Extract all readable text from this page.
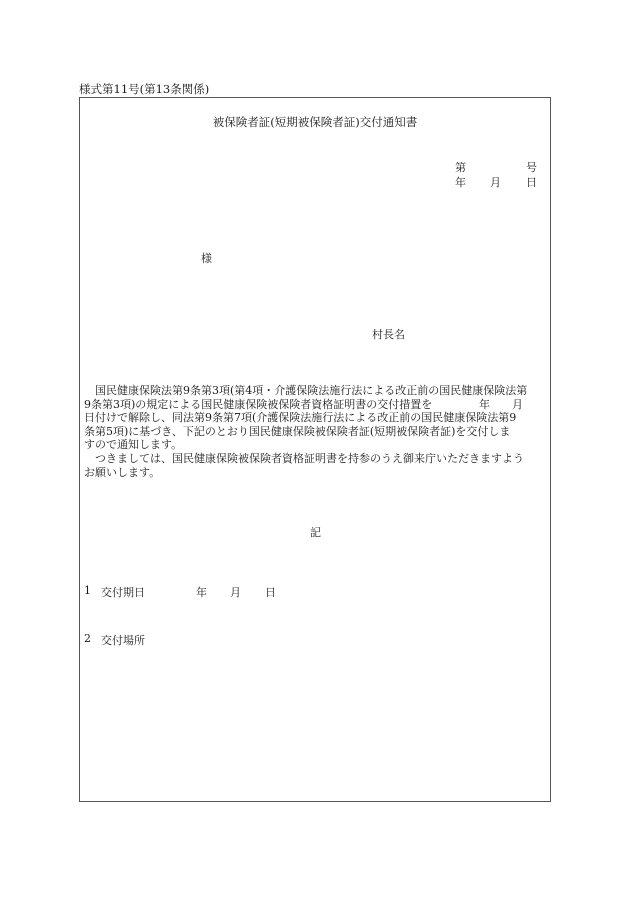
様式第11号(第13条関係)
被保険者証(短期被保険者証)交付通知書
第	号
年 月 日
様
村長名
国民健康保険法第9条第3項(第4項・介護保険法施行法による改正前の国民健康保険法第
9条第3項)の規定による国民健康保険被保険者資格証明書の交付措置を	年 月
日付けで解除し、同法第9条第7項(介護保険法施行法による改正前の国民健康保険法第9
条第5項)に基づき、下記のとおり国民健康保険被保険者証(短期被保険者証)を交付しま
すので通知します。
つきましては、国民健康保険被保険者資格証明書を持参のうえ御来庁いただきますよう
お願いします。
記
1 交付期日	年 月 日
2 交付場所
